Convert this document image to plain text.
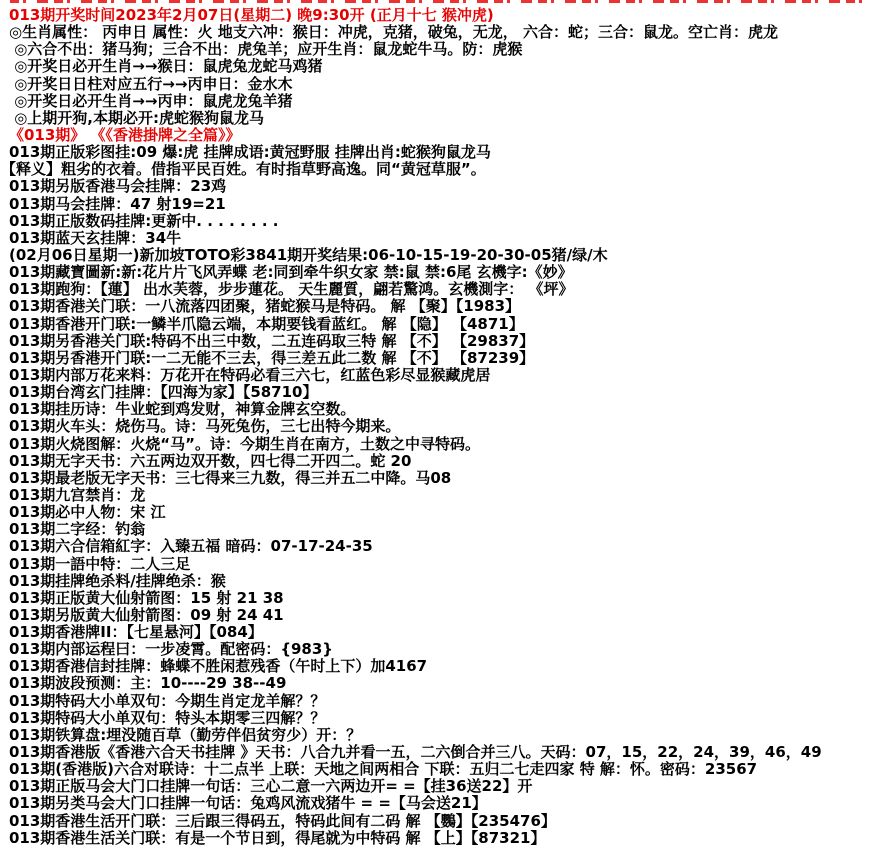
013期开奖时间2023年2月07日(星期二) 晚9:30开 (正月十七 猴冲虎)
◎生肖属性： 丙申日 属性：火 地支六冲：猴日：冲虎，克猪，破兔，无龙， 六合：蛇；三合：鼠龙。空亡肖：虎龙
◎六合不出：猪马狗；三合不出：虎兔羊；应开生肖：鼠龙蛇牛马。防：虎猴
◎开奖日必开生肖→→猴日：鼠虎兔龙蛇马鸡猪
◎开奖日日柱对应五行→→丙申日：金水木
◎开奖日必开生肖→→丙申：鼠虎龙兔羊猪
◎上期开狗,本期必开:虎蛇猴狗鼠龙马
《013期》 《《香港掛牌之全篇》》
013期正版彩图挂:09 爆:虎 挂牌成语:黄冠野服 挂牌出肖:蛇猴狗鼠龙马
【释义】粗劣的衣着。借指平民百姓。有时指草野高逸。同“黄冠草服”。
013期另版香港马会挂牌：23鸡
013期马会挂牌：47 射19=21
013期正版数码挂牌:更新中. . . . . . . .
013期蓝天玄挂牌：34牛
(02月06日星期一)新加坡TOTO彩3841期开奖结果:06-10-15-19-20-30-05猪/绿/木
013期藏寶圖新:新:花片片飞风弄蝶 老:同到牵牛织女家 禁:鼠 禁:6尾 玄機字:《妙》
013期跑狗：【蓮】 出水芙蓉，步步蓮花。 天生麗質，翩若驚鸿。玄機測字： 《坪》
013期香港关门联：一八流落四团聚，猪蛇猴马是特码。 解 【聚】【1983】
013期香港开门联:一鳞半爪隐云端，本期要钱看蓝红。 解 【隐】 【4871】
013期另香港关门联:特码不出三中数，二五连码取三特 解 【不】 【29837】
013期另香港开门联:一二无能不三去，得三差五此二数 解 【不】 【87239】
013期内部万花来料：万花开在特码必看三六七，红蓝色彩尽显猴藏虎居
013期台湾玄门挂牌：【四海为家】【58710】
013期挂历诗：牛业蛇到鸡发财，神算金牌玄空数。
013期火车头：烧伤马。诗：马死兔伤，三七出特今期来。
013期火烧图解：火烧“马”。诗：今期生肖在南方，土数之中寻特码。
013期无字天书：六五两边双开数，四七得二开四二。蛇 20
013期最老版无字天书：三七得来三九数，得三并五二中降。马08
013期九宫禁肖：龙
013期必中人物：宋 江
013期二字经：钓翁
013期六合信箱紅字：入臻五福 暗码：07-17-24-35
013期一語中特：二人三足
013期挂牌绝杀料/挂牌绝杀：猴
013期正版黄大仙射箭图：15 射 21 38
013期另版黄大仙射箭图：09 射 24 41
013期香港牌II：【七星悬河】【084】
013期内部运程曰：一步凌霄。配密码：{983}
013期香港信封挂牌：蜂蝶不胜闲惹残香（午时上下）加4167
013期波段预测：主：10----29 38--49
013期特码大小单双句：今期生肖定龙羊解？？
013期特码大小单双句：特头本期零三四解？？
013期铁算盘:埋没随百草（勤劳伴侣贫穷少）开：？
013期香港版《香港六合天书挂牌 》天书：八合九并看一五，二六倒合并三八。天码：07，15，22，24，39，46，49
013期(香港版)六合对联诗：十二点半 上联：天地之间两相合 下联：五归二七走四家 特 解：怀。密码：23567
013期正版马会大门口挂牌一句话：三心二意一六两边开= =【挂36送22】开
013期另类马会大门口挂牌一句话：兔鸡风流戏猪牛 = =【马会送21】
013期香港生活开门联：三后跟三得码五，特码此间有二码 解 【鸚】【235476】
013期香港生活关门联：有是一个节日到，得尾就为中特码 解 【上】【87321】
